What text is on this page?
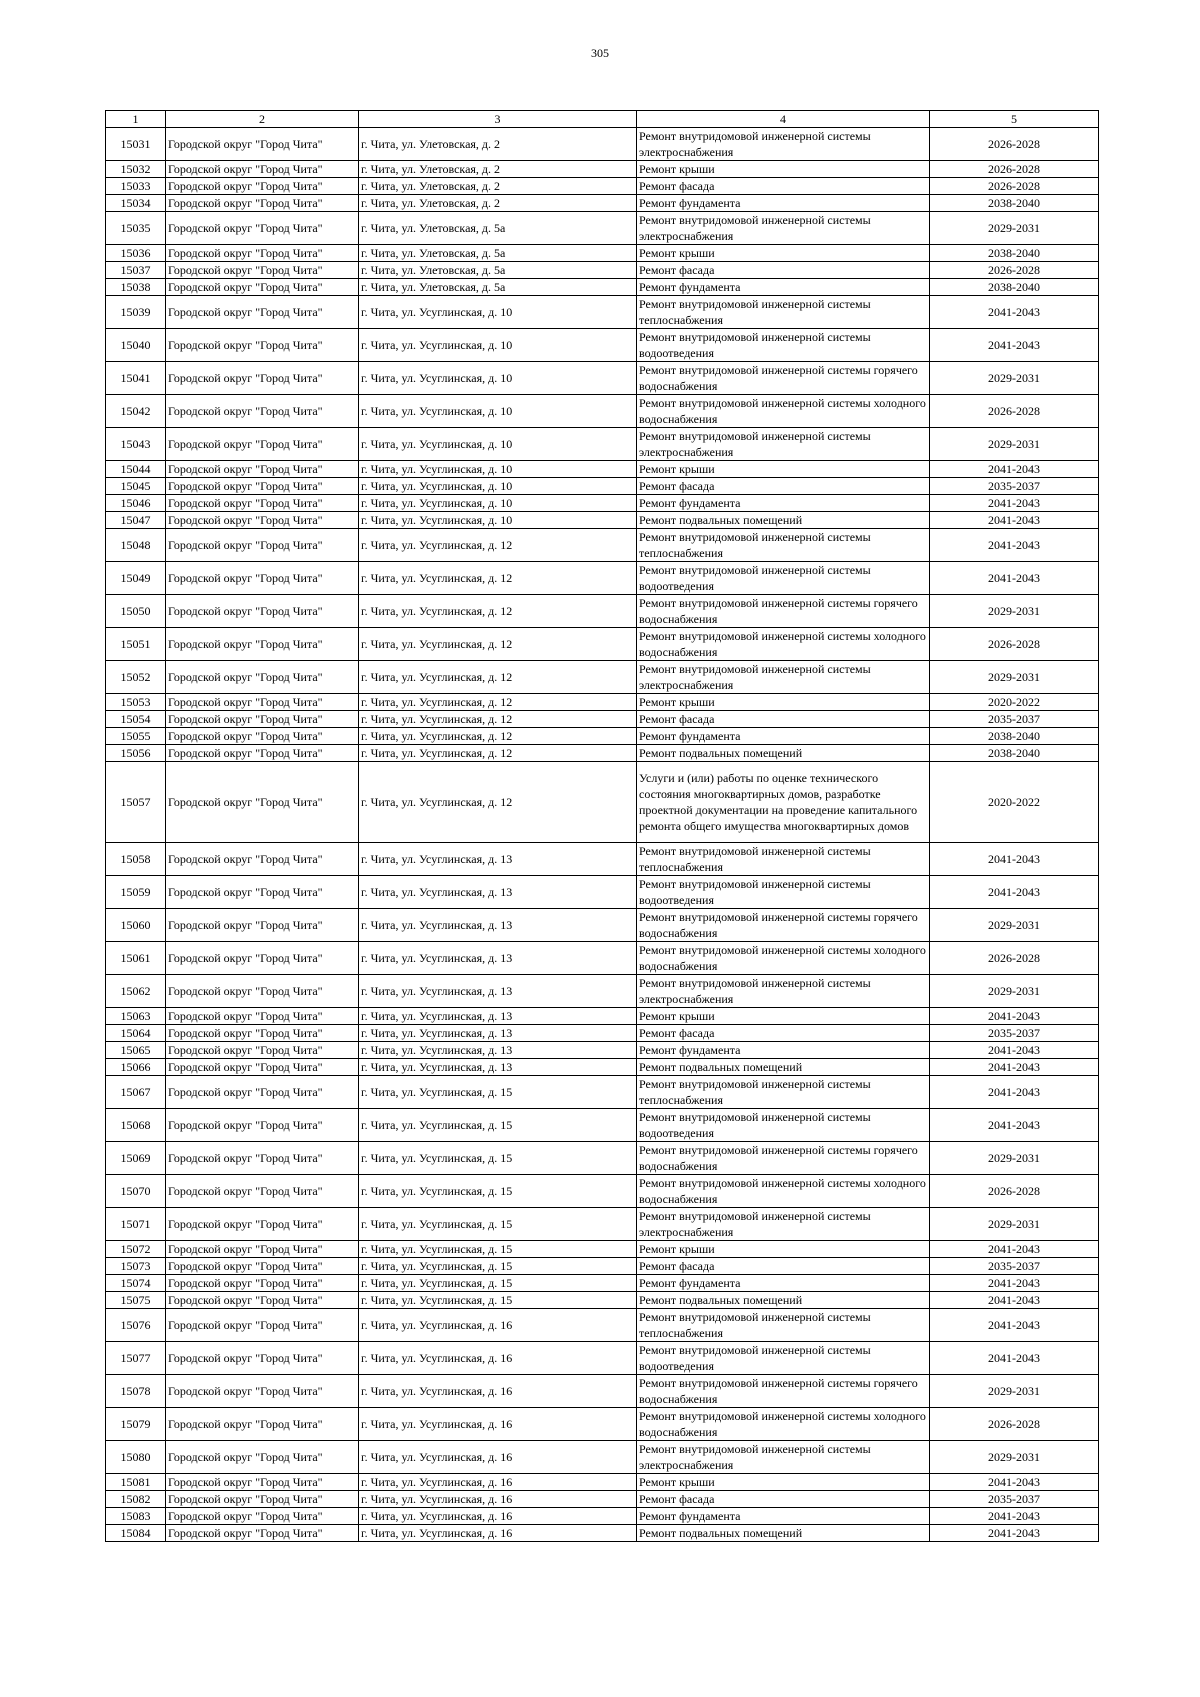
305
1	2	3	4	5
15031	Городской округ "Город Чита"	г. Чита, ул. Улетовская, д. 2	Ремонт внутридомовой инженерной системы электроснабжения	2026-2028
15032	Городской округ "Город Чита"	г. Чита, ул. Улетовская, д. 2	Ремонт крыши	2026-2028
15033	Городской округ "Город Чита"	г. Чита, ул. Улетовская, д. 2	Ремонт фасада	2026-2028
15034	Городской округ "Город Чита"	г. Чита, ул. Улетовская, д. 2	Ремонт фундамента	2038-2040
15035	Городской округ "Город Чита"	г. Чита, ул. Улетовская, д. 5а	Ремонт внутридомовой инженерной системы электроснабжения	2029-2031
15036	Городской округ "Город Чита"	г. Чита, ул. Улетовская, д. 5а	Ремонт крыши	2038-2040
15037	Городской округ "Город Чита"	г. Чита, ул. Улетовская, д. 5а	Ремонт фасада	2026-2028
15038	Городской округ "Город Чита"	г. Чита, ул. Улетовская, д. 5а	Ремонт фундамента	2038-2040
15039	Городской округ "Город Чита"	г. Чита, ул. Усуглинская, д. 10	Ремонт внутридомовой инженерной системы теплоснабжения	2041-2043
15040	Городской округ "Город Чита"	г. Чита, ул. Усуглинская, д. 10	Ремонт внутридомовой инженерной системы водоотведения	2041-2043
15041	Городской округ "Город Чита"	г. Чита, ул. Усуглинская, д. 10	Ремонт внутридомовой инженерной системы горячего водоснабжения	2029-2031
15042	Городской округ "Город Чита"	г. Чита, ул. Усуглинская, д. 10	Ремонт внутридомовой инженерной системы холодного водоснабжения	2026-2028
15043	Городской округ "Город Чита"	г. Чита, ул. Усуглинская, д. 10	Ремонт внутридомовой инженерной системы электроснабжения	2029-2031
15044	Городской округ "Город Чита"	г. Чита, ул. Усуглинская, д. 10	Ремонт крыши	2041-2043
15045	Городской округ "Город Чита"	г. Чита, ул. Усуглинская, д. 10	Ремонт фасада	2035-2037
15046	Городской округ "Город Чита"	г. Чита, ул. Усуглинская, д. 10	Ремонт фундамента	2041-2043
15047	Городской округ "Город Чита"	г. Чита, ул. Усуглинская, д. 10	Ремонт подвальных помещений	2041-2043
15048	Городской округ "Город Чита"	г. Чита, ул. Усуглинская, д. 12	Ремонт внутридомовой инженерной системы теплоснабжения	2041-2043
15049	Городской округ "Город Чита"	г. Чита, ул. Усуглинская, д. 12	Ремонт внутридомовой инженерной системы водоотведения	2041-2043
15050	Городской округ "Город Чита"	г. Чита, ул. Усуглинская, д. 12	Ремонт внутридомовой инженерной системы горячего водоснабжения	2029-2031
15051	Городской округ "Город Чита"	г. Чита, ул. Усуглинская, д. 12	Ремонт внутридомовой инженерной системы холодного водоснабжения	2026-2028
15052	Городской округ "Город Чита"	г. Чита, ул. Усуглинская, д. 12	Ремонт внутридомовой инженерной системы электроснабжения	2029-2031
15053	Городской округ "Город Чита"	г. Чита, ул. Усуглинская, д. 12	Ремонт крыши	2020-2022
15054	Городской округ "Город Чита"	г. Чита, ул. Усуглинская, д. 12	Ремонт фасада	2035-2037
15055	Городской округ "Город Чита"	г. Чита, ул. Усуглинская, д. 12	Ремонт фундамента	2038-2040
15056	Городской округ "Город Чита"	г. Чита, ул. Усуглинская, д. 12	Ремонт подвальных помещений	2038-2040
15057	Городской округ "Город Чита"	г. Чита, ул. Усуглинская, д. 12	Услуги и (или) работы по оценке технического состояния многоквартирных домов, разработке проектной документации на проведение капитального ремонта общего имущества многоквартирных домов	2020-2022
15058	Городской округ "Город Чита"	г. Чита, ул. Усуглинская, д. 13	Ремонт внутридомовой инженерной системы теплоснабжения	2041-2043
15059	Городской округ "Город Чита"	г. Чита, ул. Усуглинская, д. 13	Ремонт внутридомовой инженерной системы водоотведения	2041-2043
15060	Городской округ "Город Чита"	г. Чита, ул. Усуглинская, д. 13	Ремонт внутридомовой инженерной системы горячего водоснабжения	2029-2031
15061	Городской округ "Город Чита"	г. Чита, ул. Усуглинская, д. 13	Ремонт внутридомовой инженерной системы холодного водоснабжения	2026-2028
15062	Городской округ "Город Чита"	г. Чита, ул. Усуглинская, д. 13	Ремонт внутридомовой инженерной системы электроснабжения	2029-2031
15063	Городской округ "Город Чита"	г. Чита, ул. Усуглинская, д. 13	Ремонт крыши	2041-2043
15064	Городской округ "Город Чита"	г. Чита, ул. Усуглинская, д. 13	Ремонт фасада	2035-2037
15065	Городской округ "Город Чита"	г. Чита, ул. Усуглинская, д. 13	Ремонт фундамента	2041-2043
15066	Городской округ "Город Чита"	г. Чита, ул. Усуглинская, д. 13	Ремонт подвальных помещений	2041-2043
15067	Городской округ "Город Чита"	г. Чита, ул. Усуглинская, д. 15	Ремонт внутридомовой инженерной системы теплоснабжения	2041-2043
15068	Городской округ "Город Чита"	г. Чита, ул. Усуглинская, д. 15	Ремонт внутридомовой инженерной системы водоотведения	2041-2043
15069	Городской округ "Город Чита"	г. Чита, ул. Усуглинская, д. 15	Ремонт внутридомовой инженерной системы горячего водоснабжения	2029-2031
15070	Городской округ "Город Чита"	г. Чита, ул. Усуглинская, д. 15	Ремонт внутридомовой инженерной системы холодного водоснабжения	2026-2028
15071	Городской округ "Город Чита"	г. Чита, ул. Усуглинская, д. 15	Ремонт внутридомовой инженерной системы электроснабжения	2029-2031
15072	Городской округ "Город Чита"	г. Чита, ул. Усуглинская, д. 15	Ремонт крыши	2041-2043
15073	Городской округ "Город Чита"	г. Чита, ул. Усуглинская, д. 15	Ремонт фасада	2035-2037
15074	Городской округ "Город Чита"	г. Чита, ул. Усуглинская, д. 15	Ремонт фундамента	2041-2043
15075	Городской округ "Город Чита"	г. Чита, ул. Усуглинская, д. 15	Ремонт подвальных помещений	2041-2043
15076	Городской округ "Город Чита"	г. Чита, ул. Усуглинская, д. 16	Ремонт внутридомовой инженерной системы теплоснабжения	2041-2043
15077	Городской округ "Город Чита"	г. Чита, ул. Усуглинская, д. 16	Ремонт внутридомовой инженерной системы водоотведения	2041-2043
15078	Городской округ "Город Чита"	г. Чита, ул. Усуглинская, д. 16	Ремонт внутридомовой инженерной системы горячего водоснабжения	2029-2031
15079	Городской округ "Город Чита"	г. Чита, ул. Усуглинская, д. 16	Ремонт внутридомовой инженерной системы холодного водоснабжения	2026-2028
15080	Городской округ "Город Чита"	г. Чита, ул. Усуглинская, д. 16	Ремонт внутридомовой инженерной системы электроснабжения	2029-2031
15081	Городской округ "Город Чита"	г. Чита, ул. Усуглинская, д. 16	Ремонт крыши	2041-2043
15082	Городской округ "Город Чита"	г. Чита, ул. Усуглинская, д. 16	Ремонт фасада	2035-2037
15083	Городской округ "Город Чита"	г. Чита, ул. Усуглинская, д. 16	Ремонт фундамента	2041-2043
15084	Городской округ "Город Чита"	г. Чита, ул. Усуглинская, д. 16	Ремонт подвальных помещений	2041-2043
